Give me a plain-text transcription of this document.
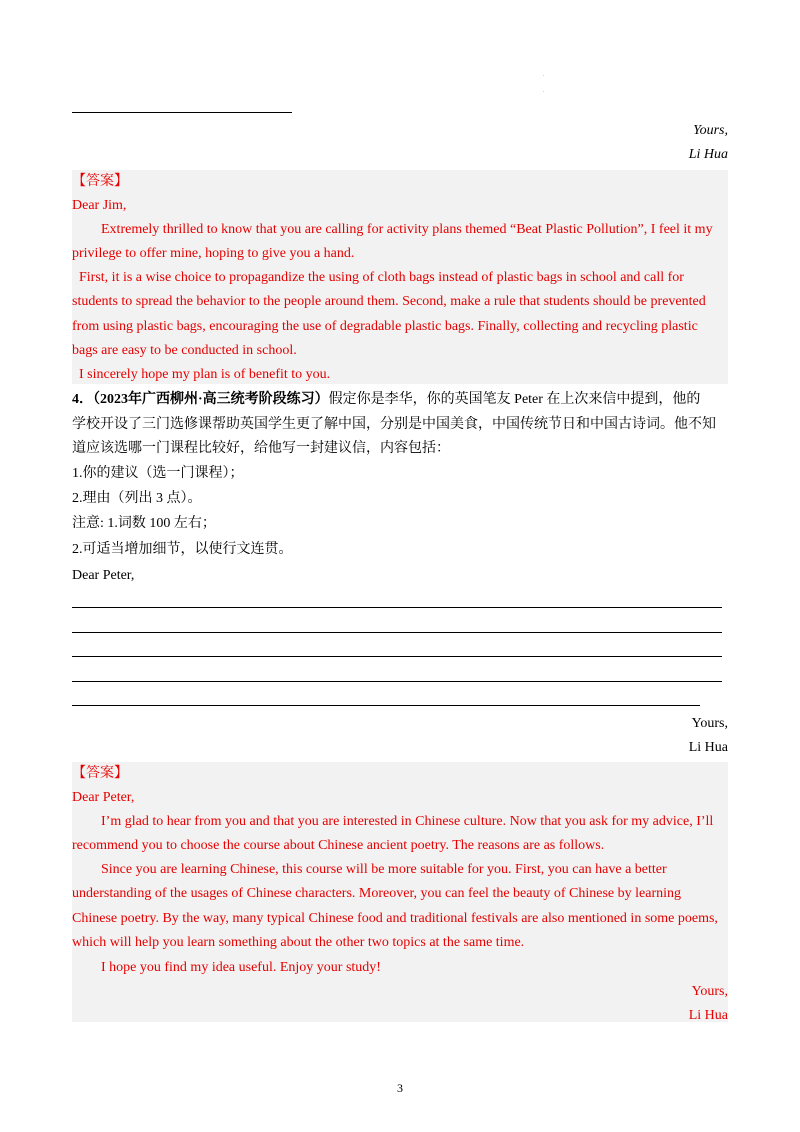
.
.
Yours,
Li Hua
【答案】
Dear Jim,
Extremely thrilled to know that you are calling for activity plans themed “Beat Plastic Pollution”, I feel it my
privilege to offer mine, hoping to give you a hand.
First, it is a wise choice to propagandize the using of cloth bags instead of plastic bags in school and call for
students to spread the behavior to the people around them. Second, make a rule that students should be prevented
from using plastic bags, encouraging the use of degradable plastic bags. Finally, collecting and recycling plastic
bags are easy to be conducted in school.
I sincerely hope my plan is of benefit to you.
4．（2023年广西柳州·高三统考阶段练习）假定你是李华，你的英国笔友 Peter 在上次来信中提到，他的
学校开设了三门选修课帮助英国学生更了解中国，分别是中国美食，中国传统节日和中国古诗词。他不知
道应该选哪一门课程比较好，给他写一封建议信，内容包括：
1.你的建议（选一门课程）；
2.理由（列出 3 点）。
注意: 1.词数 100 左右；
2.可适当增加细节，以使行文连贯。
Dear Peter,
Yours,
Li Hua
【答案】
Dear Peter,
I’m glad to hear from you and that you are interested in Chinese culture. Now that you ask for my advice, I’ll
recommend you to choose the course about Chinese ancient poetry. The reasons are as follows.
Since you are learning Chinese, this course will be more suitable for you. First, you can have a better
understanding of the usages of Chinese characters. Moreover, you can feel the beauty of Chinese by learning
Chinese poetry. By the way, many typical Chinese food and traditional festivals are also mentioned in some poems,
which will help you learn something about the other two topics at the same time.
I hope you find my idea useful. Enjoy your study!
Yours,
Li Hua
3
